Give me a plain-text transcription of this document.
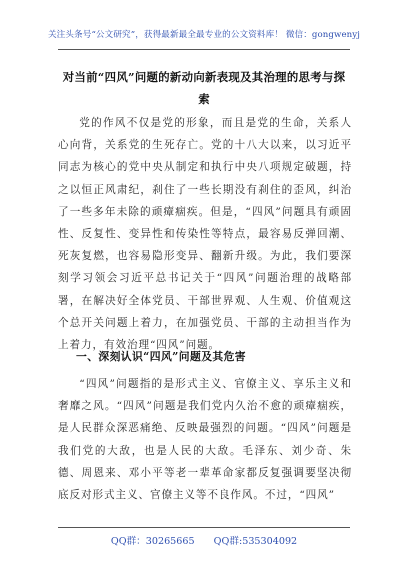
关注头条号“公文研究”，获得最新最全最专业的公文资料库！ 微信：gongwenyj
对当前“四风”问题的新动向新表现及其治理的思考与探
索
党的作风不仅是党的形象，而且是党的生命，关系人心向背，关系党的生死存亡。党的十八大以来，以习近平同志为核心的党中央从制定和执行中央八项规定破题，持之以恒正风肃纪，刹住了一些长期没有刹住的歪风，纠治了一些多年未除的顽瘴痼疾。但是，“四风”问题具有顽固性、反复性、变异性和传染性等特点，最容易反弹回潮、死灰复燃，也容易隐形变异、翻新升级。为此，我们要深刻学习领会习近平总书记关于“四风”问题治理的战略部署，在解决好全体党员、干部世界观、人生观、价值观这个总开关问题上着力，在加强党员、干部的主动担当作为上着力，有效治理“四风”问题。
一、深刻认识“四风”问题及其危害
“四风”问题指的是形式主义、官僚主义、享乐主义和奢靡之风。“四风”问题是我们党内久治不愈的顽瘴痼疾，是人民群众深恶痛绝、反映最强烈的问题。“四风”问题是我们党的大敌，也是人民的大敌。毛泽东、刘少奇、朱德、周恩来、邓小平等老一辈革命家都反复强调要坚决彻底反对形式主义、官僚主义等不良作风。不过，“四风”
QQ群：30265665 QQ群:535304092
